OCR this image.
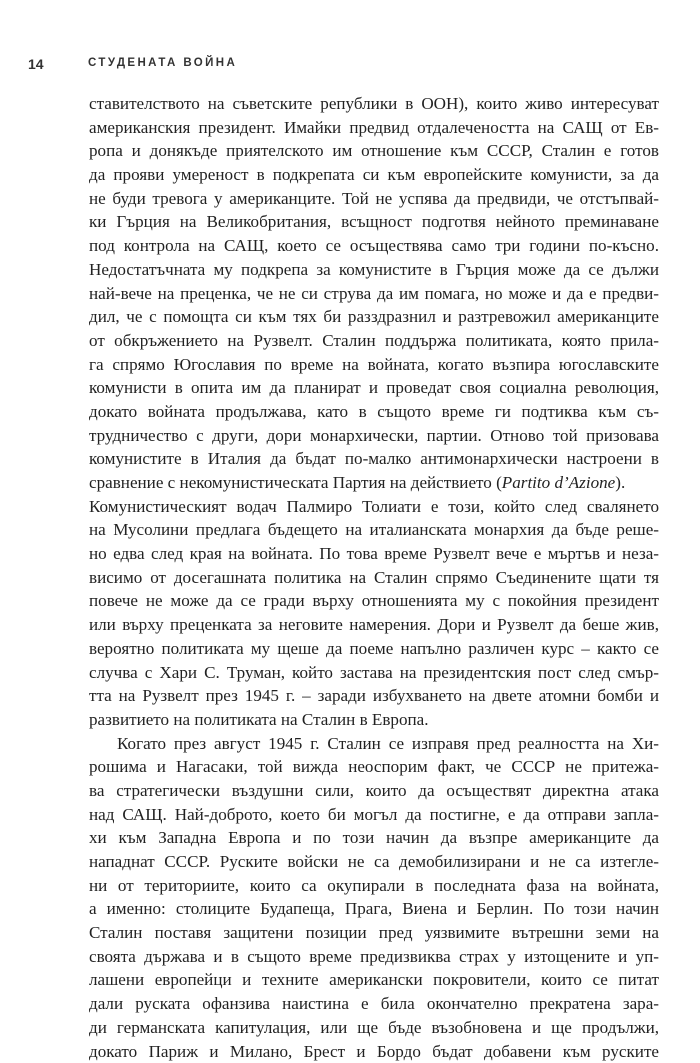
14	СТУДЕНАТА ВОЙНА
ставителството на съветските републики в ООН), които живо интересуват
американския президент. Имайки предвид отдалечеността на САЩ от Ев-
ропа и донякъде приятелското им отношение към СССР, Сталин е готов
да прояви умереност в подкрепата си към европейските комунисти, за да
не буди тревога у американците. Той не успява да предвиди, че отстъпвай-
ки Гърция на Великобритания, всъщност подготвя нейното преминаване
под контрола на САЩ, което се осъществява само три години по-късно.
Недостатъчната му подкрепа за комунистите в Гърция може да се дължи
най-вече на преценка, че не си струва да им помага, но може и да е предви-
дил, че с помощта си към тях би разздразнил и разтревожил американците
от обкръжението на Рузвелт. Сталин поддържа политиката, която прила-
га спрямо Югославия по време на войната, когато възпира югославските
комунисти в опита им да планират и проведат своя социална революция,
докато войната продължава, като в същото време ги подтиква към съ-
трудничество с други, дори монархически, партии. Отново той призовава
комунистите в Италия да бъдат по-малко антимонархически настроени в
сравнение с некомунистическата Партия на действието (Partito d’Azione).
Комунистическият водач Палмиро Толиати е този, който след свалянето
на Мусолини предлага бъдещето на италианската монархия да бъде реше-
но едва след края на войната. По това време Рузвелт вече е мъртъв и неза-
висимо от досегашната политика на Сталин спрямо Съединените щати тя
повече не може да се гради върху отношенията му с покойния президент
или върху преценката за неговите намерения. Дори и Рузвелт да беше жив,
вероятно политиката му щеше да поеме напълно различен курс – както се
случва с Хари С. Труман, който застава на президентския пост след смър-
тта на Рузвелт през 1945 г. – заради избухването на двете атомни бомби и
развитието на политиката на Сталин в Европа.
Когато през август 1945 г. Сталин се изправя пред реалността на Хи-
рошима и Нагасаки, той вижда неоспорим факт, че СССР не притежа-
ва стратегически въздушни сили, които да осъществят директна атака
над САЩ. Най-доброто, което би могъл да постигне, е да отправи запла-
хи към Западна Европа и по този начин да възпре американците да
нападнат СССР. Руските войски не са демобилизирани и не са изтегле-
ни от териториите, които са окупирали в последната фаза на войната,
а именно: столиците Будапеща, Прага, Виена и Берлин. По този начин
Сталин поставя защитени позиции пред уязвимите вътрешни земи на
своята държава и в същото време предизвиква страх у изтощените и уп-
лашени европейци и техните американски покровители, които се питат
дали руската офанзива наистина е била окончателно прекратена зара-
ди германската капитулация, или ще бъде възобновена и ще продължи,
докато Париж и Милано, Брест и Бордо бъдат добавени към руските
